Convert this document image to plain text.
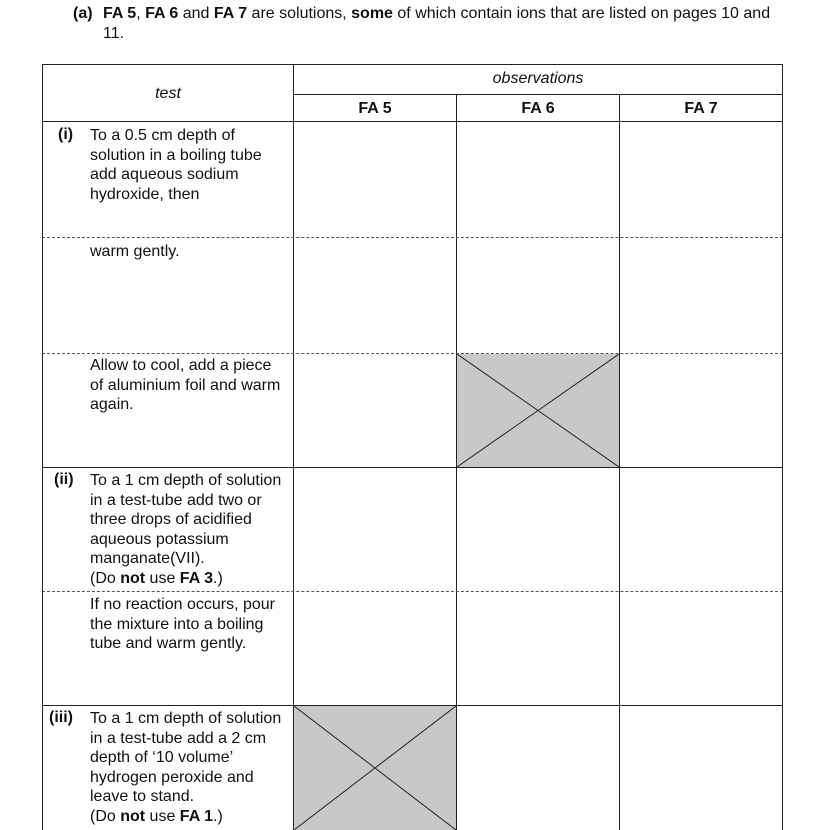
(a) FA 5, FA 6 and FA 7 are solutions, some of which contain ions that are listed on pages 10 and 11.
test
observations
FA 5	FA 6	FA 7
(i) To a 0.5 cm depth of
solution in a boiling tube
add aqueous sodium
hydroxide, then
warm gently.
Allow to cool, add a piece
of aluminium foil and warm
again.
(ii) To a 1 cm depth of solution
in a test-tube add two or
three drops of acidified
aqueous potassium
manganate(VII).
(Do not use FA 3.)
If no reaction occurs, pour
the mixture into a boiling
tube and warm gently.
(iii) To a 1 cm depth of solution
in a test-tube add a 2 cm
depth of ‘10 volume’
hydrogen peroxide and
leave to stand.
(Do not use FA 1.)
